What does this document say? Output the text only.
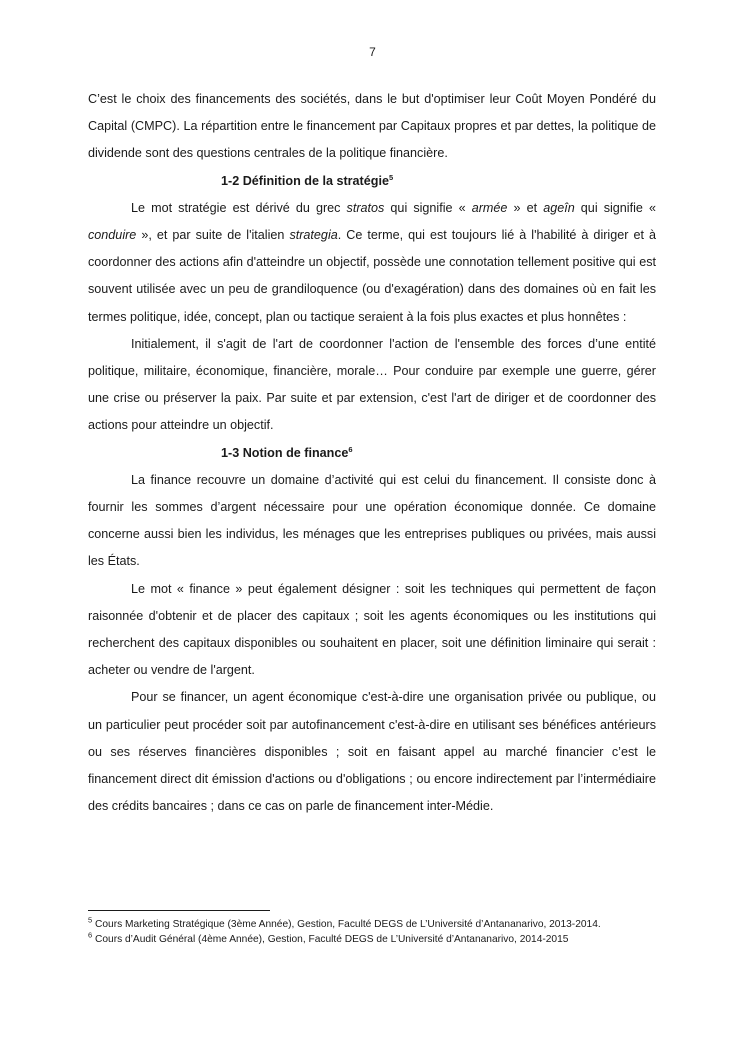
7

C’est le choix des financements des sociétés, dans le but d'optimiser leur Coût Moyen Pondéré du Capital (CMPC). La répartition entre le financement par Capitaux propres et par dettes, la politique de dividende sont des questions centrales de la politique financière.

1-2 Définition de la stratégie$^5$

Le mot stratégie est dérivé du grec stratos qui signifie « armée » et ageîn qui signifie « conduire », et par suite de l'italien strategia. Ce terme, qui est toujours lié à l'habilité à diriger et à coordonner des actions afin d'atteindre un objectif, possède une connotation tellement positive qui est souvent utilisée avec un peu de grandiloquence (ou d'exagération) dans des domaines où en fait les termes politique, idée, concept, plan ou tactique seraient à la fois plus exactes et plus honnêtes :

Initialement, il s'agit de l'art de coordonner l'action de l'ensemble des forces d’une entité politique, militaire, économique, financière, morale… Pour conduire par exemple une guerre, gérer une crise ou préserver la paix. Par suite et par extension, c'est l'art de diriger et de coordonner des actions pour atteindre un objectif.

1-3 Notion de finance$^6$

La finance recouvre un domaine d’activité qui est celui du financement. Il consiste donc à fournir les sommes d’argent nécessaire pour une opération économique donnée. Ce domaine concerne aussi bien les individus, les ménages que les entreprises publiques ou privées, mais aussi les États.

Le mot « finance » peut également désigner : soit les techniques qui permettent de façon raisonnée d'obtenir et de placer des capitaux ; soit les agents économiques ou les institutions qui recherchent des capitaux disponibles ou souhaitent en placer, soit une définition liminaire qui serait : acheter ou vendre de l'argent.

Pour se financer, un agent économique c'est-à-dire une organisation privée ou publique, ou un particulier peut procéder soit par autofinancement c'est-à-dire en utilisant ses bénéfices antérieurs ou ses réserves financières disponibles ; soit en faisant appel au marché financier c’est le financement direct dit émission d'actions ou d'obligations ; ou encore indirectement par l’intermédiaire des crédits bancaires ; dans ce cas on parle de financement inter-Médie.

$^5$ Cours Marketing Stratégique (3ème Année), Gestion, Faculté DEGS de L’Université d’Antananarivo, 2013-2014.

$^6$ Cours d’Audit Général (4ème Année), Gestion, Faculté DEGS de L’Université d’Antananarivo, 2014-2015
